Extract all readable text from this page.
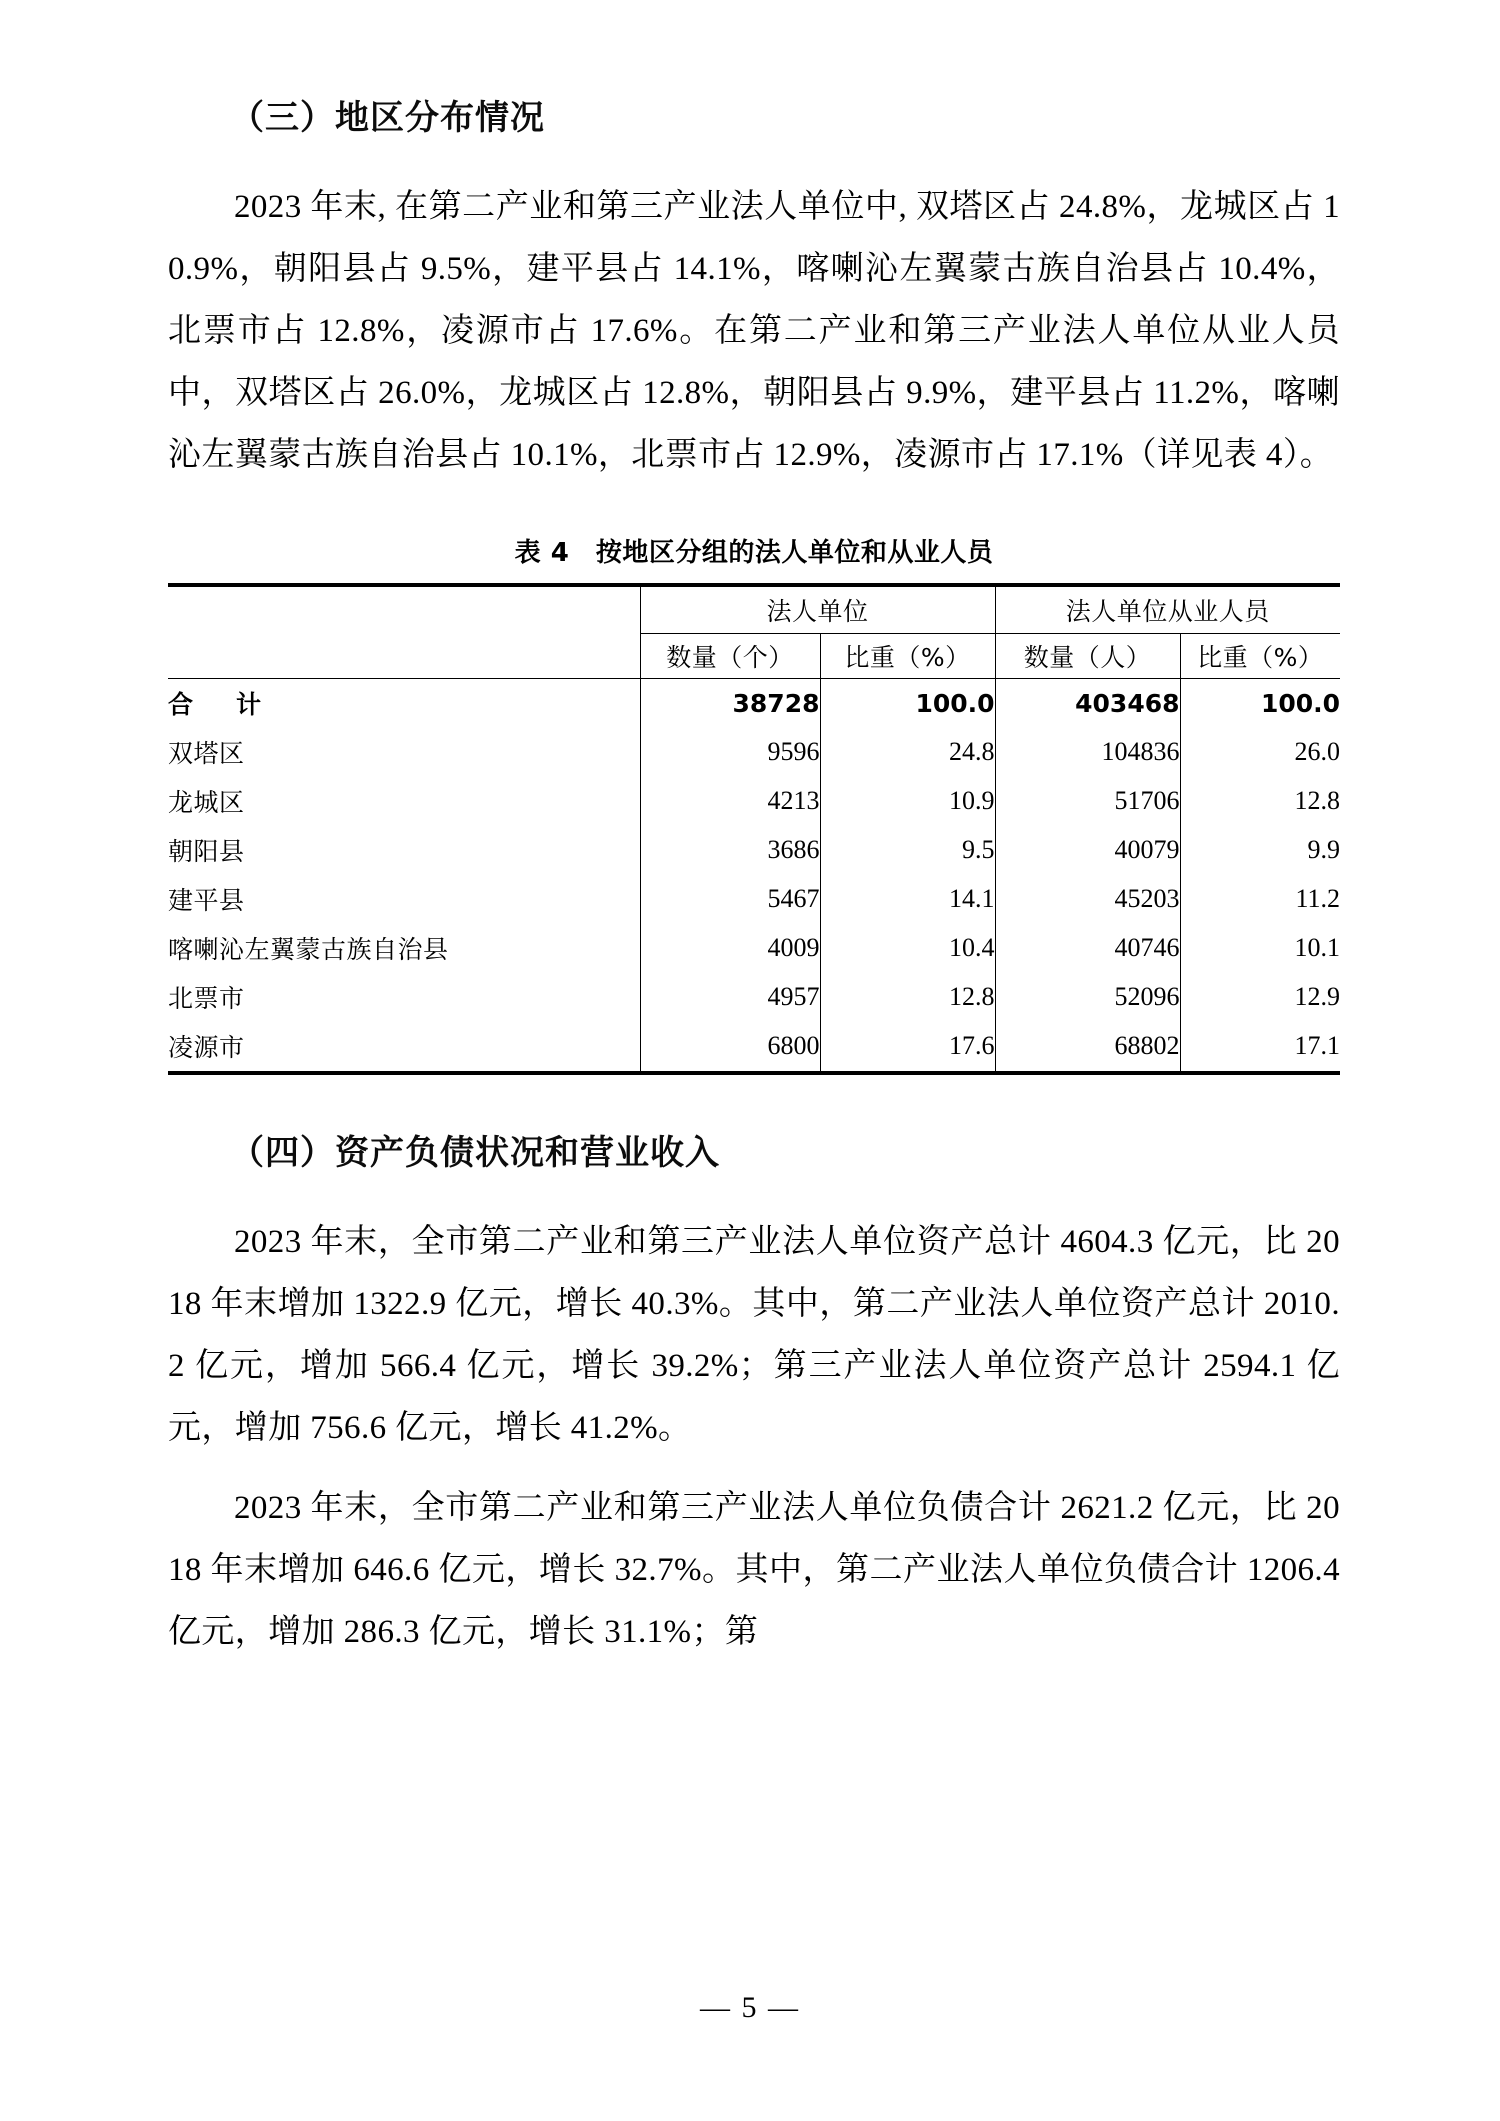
（三）地区分布情况

2023 年末, 在第二产业和第三产业法人单位中, 双塔区占 24.8%，龙城区占 10.9%，朝阳县占 9.5%，建平县占 14.1%，喀喇沁左翼蒙古族自治县占 10.4%，北票市占 12.8%，凌源市占 17.6%。在第二产业和第三产业法人单位从业人员中，双塔区占 26.0%，龙城区占 12.8%，朝阳县占 9.9%，建平县占 11.2%，喀喇沁左翼蒙古族自治县占 10.1%，北票市占 12.9%，凌源市占 17.1%（详见表 4）。

表 4　按地区分组的法人单位和从业人员
	法人单位		法人单位从业人员	
	数量（个）	比重（%）	数量（人）	比重（%）
合　计	38728	100.0	403468	100.0
双塔区	9596	24.8	104836	26.0
龙城区	4213	10.9	51706	12.8
朝阳县	3686	9.5	40079	9.9
建平县	5467	14.1	45203	11.2
喀喇沁左翼蒙古族自治县	4009	10.4	40746	10.1
北票市	4957	12.8	52096	12.9
凌源市	6800	17.6	68802	17.1
（四）资产负债状况和营业收入

2023 年末，全市第二产业和第三产业法人单位资产总计 4604.3 亿元，比 2018 年末增加 1322.9 亿元，增长 40.3%。其中，第二产业法人单位资产总计 2010.2 亿元，增加 566.4 亿元，增长 39.2%；第三产业法人单位资产总计 2594.1 亿元，增加 756.6 亿元，增长 41.2%。

2023 年末，全市第二产业和第三产业法人单位负债合计 2621.2 亿元，比 2018 年末增加 646.6 亿元，增长 32.7%。其中，第二产业法人单位负债合计 1206.4 亿元，增加 286.3 亿元，增长 31.1%；第

— 5 —
